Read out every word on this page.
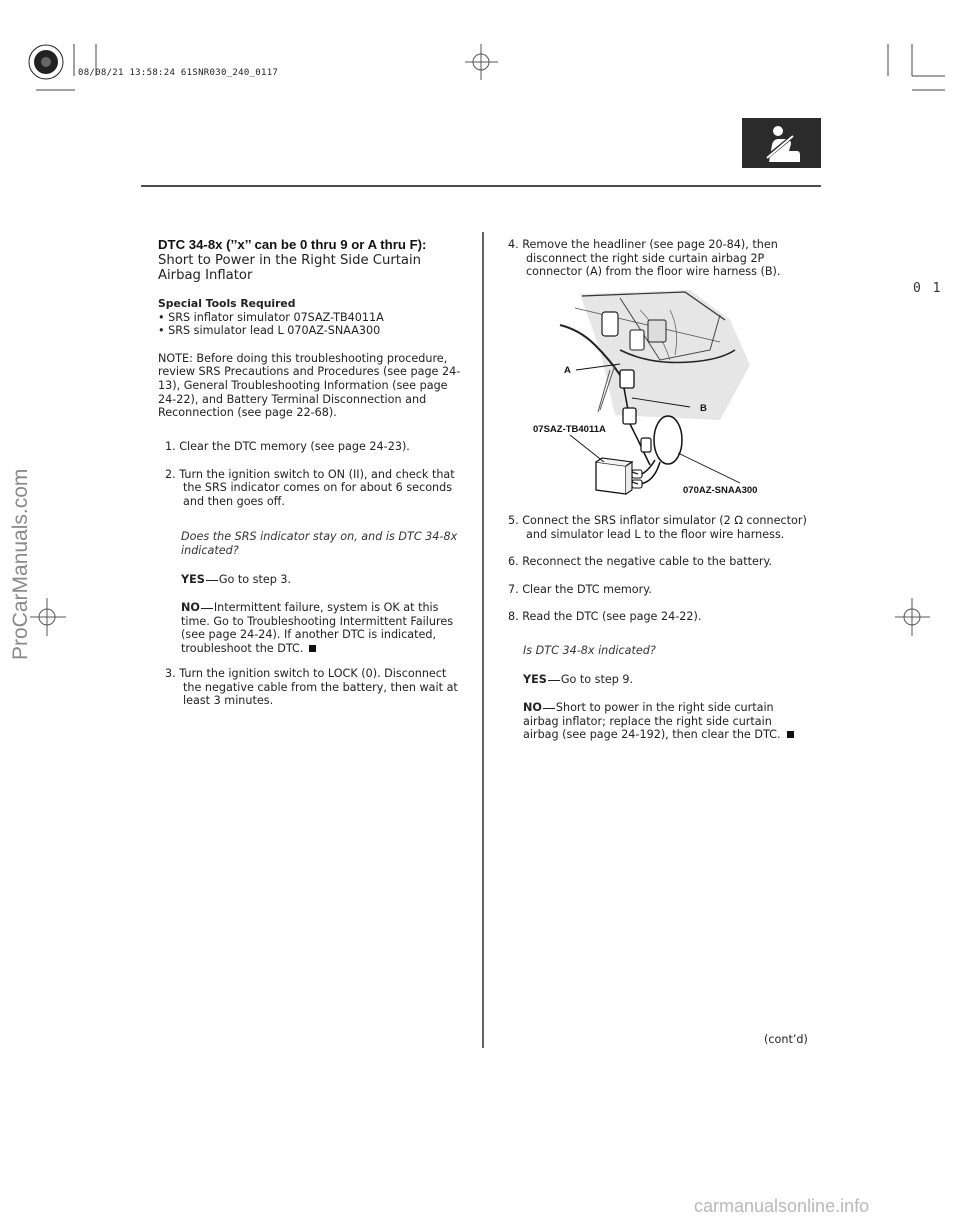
08/08/21 13:58:24 61SNR030_240_0117
0 1
ProCarManuals.com
carmanualsonline.info
DTC 34-8x (’’x’’ can be 0 thru 9 or A thru F):
Short to Power in the Right Side Curtain
Airbag Inflator
Special Tools Required
• SRS inflator simulator 07SAZ-TB4011A
• SRS simulator lead L 070AZ-SNAA300

NOTE: Before doing this troubleshooting procedure, review SRS Precautions and Procedures (see page 24-13), General Troubleshooting Information (see page 24-22), and Battery Terminal Disconnection and Reconnection (see page 22-68).

1. Clear the DTC memory (see page 24-23).

2. Turn the ignition switch to ON (II), and check that the SRS indicator comes on for about 6 seconds and then goes off.

Does the SRS indicator stay on, and is DTC 34-8x indicated?
YES Go to step 3.
NO Intermittent failure, system is OK at this time. Go to Troubleshooting Intermittent Failures (see page 24-24). If another DTC is indicated, troubleshoot the DTC.

3. Turn the ignition switch to LOCK (0). Disconnect the negative cable from the battery, then wait at least 3 minutes.

4. Remove the headliner (see page 20-84), then disconnect the right side curtain airbag 2P connector (A) from the floor wire harness (B).

A
B
07SAZ-TB4011A
070AZ-SNAA300

5. Connect the SRS inflator simulator (2 Ω connector) and simulator lead L to the floor wire harness.

6. Reconnect the negative cable to the battery.

7. Clear the DTC memory.

8. Read the DTC (see page 24-22).

Is DTC 34-8x indicated?
YES Go to step 9.
NO Short to power in the right side curtain airbag inflator; replace the right side curtain airbag (see page 24-192), then clear the DTC.
(cont’d)
